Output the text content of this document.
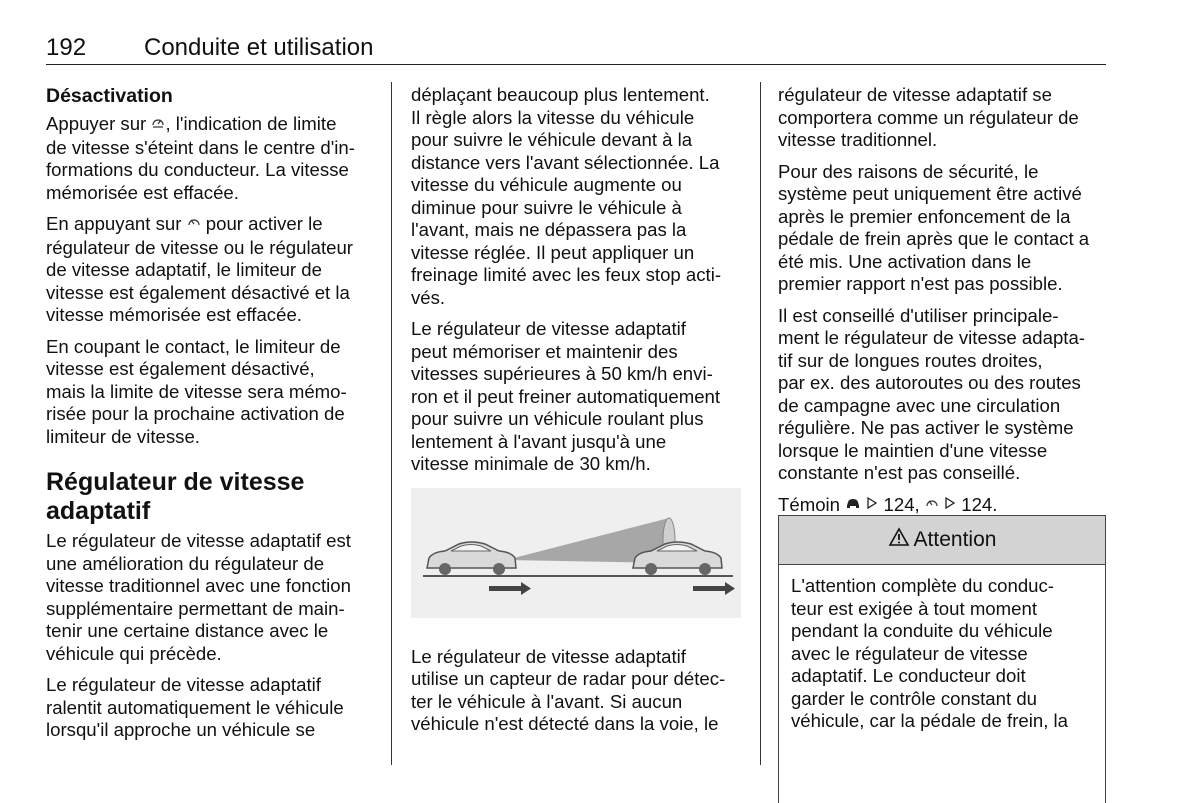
192 Conduite et utilisation
Désactivation

Appuyer sur , l'indication de limite
de vitesse s'éteint dans le centre d'in-
formations du conducteur. La vitesse
mémorisée est effacée.

En appuyant sur pour activer le
régulateur de vitesse ou le régulateur
de vitesse adaptatif, le limiteur de
vitesse est également désactivé et la
vitesse mémorisée est effacée.

En coupant le contact, le limiteur de
vitesse est également désactivé,
mais la limite de vitesse sera mémo-
risée pour la prochaine activation de
limiteur de vitesse.

Régulateur de vitesse
adaptatif

Le régulateur de vitesse adaptatif est
une amélioration du régulateur de
vitesse traditionnel avec une fonction
supplémentaire permettant de main-
tenir une certaine distance avec le
véhicule qui précède.

Le régulateur de vitesse adaptatif
ralentit automatiquement le véhicule
lorsqu'il approche un véhicule se

déplaçant beaucoup plus lentement.
Il règle alors la vitesse du véhicule
pour suivre le véhicule devant à la
distance vers l'avant sélectionnée. La
vitesse du véhicule augmente ou
diminue pour suivre le véhicule à
l'avant, mais ne dépassera pas la
vitesse réglée. Il peut appliquer un
freinage limité avec les feux stop acti-
vés.

Le régulateur de vitesse adaptatif
peut mémoriser et maintenir des
vitesses supérieures à 50 km/h envi-
ron et il peut freiner automatiquement
pour suivre un véhicule roulant plus
lentement à l'avant jusqu'à une
vitesse minimale de 30 km/h.

Le régulateur de vitesse adaptatif
utilise un capteur de radar pour détec-
ter le véhicule à l'avant. Si aucun
véhicule n'est détecté dans la voie, le

régulateur de vitesse adaptatif se
comportera comme un régulateur de
vitesse traditionnel.

Pour des raisons de sécurité, le
système peut uniquement être activé
après le premier enfoncement de la
pédale de frein après que le contact a
été mis. Une activation dans le
premier rapport n'est pas possible.

Il est conseillé d'utiliser principale-
ment le régulateur de vitesse adaptа-
tif sur de longues routes droites,
par ex. des autoroutes ou des routes
de campagne avec une circulation
régulière. Ne pas activer le système
lorsque le maintien d'une vitesse
constante n'est pas conseillé.

Témoin 124, 124.

Attention
L'attention complète du conduc-
teur est exigée à tout moment
pendant la conduite du véhicule
avec le régulateur de vitesse
adaptatif. Le conducteur doit
garder le contrôle constant du
véhicule, car la pédale de frein, la
